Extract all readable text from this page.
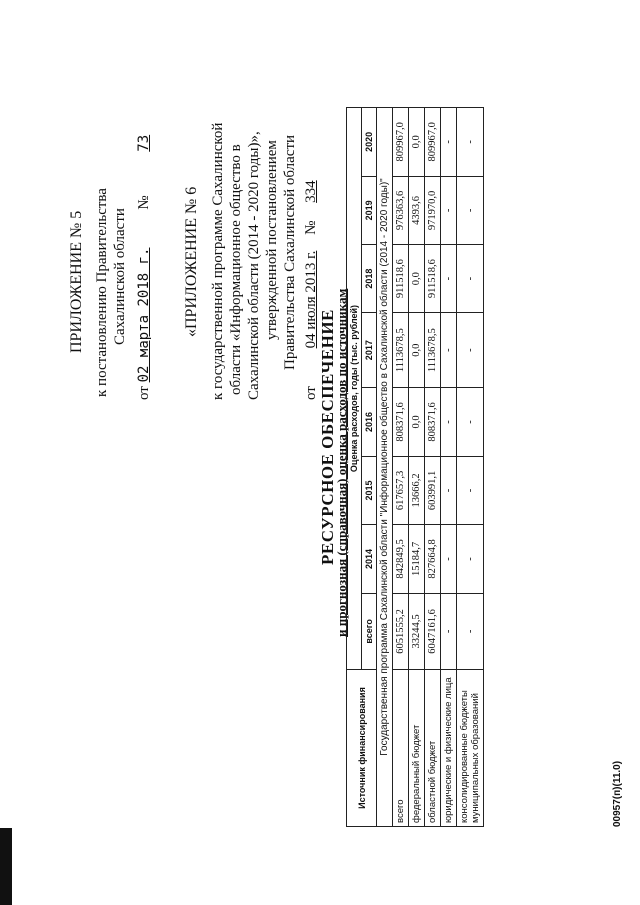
ПРИЛОЖЕНИЕ № 5 к постановлению Правительства Сахалинской области
от 02 марта 2018 г. № 73
«ПРИЛОЖЕНИЕ № 6 к государственной программе Сахалинской области «Информационное общество в Сахалинской области (2014 - 2020 годы)», утвержденной постановлением Правительства Сахалинской области
от 04 июля 2013 г. № 334
РЕСУРСНОЕ ОБЕСПЕЧЕНИЕ
и прогнозная (справочная) оценка расходов по источникам
Источник финансирования	Оценка расходов, годы (тыс. рублей)							
	всего	2014	2015	2016	2017	2018	2019	2020
Государственная программа Сахалинской области "Информационное общество в Сахалинской области (2014 - 2020 годы)"								
всего	6051555,2	842849,5	617657,3	808371,6	1113678,5	911518,6	976363,6	809967,0
федеральный бюджет	33244,5	15184,7	13666,2	0,0	0,0	0,0	4393,6	0,0
областной бюджет	6047161,6	827664,8	603991,1	808371,6	1113678,5	911518,6	971970,0	809967,0
юридические и физические лица	-	-	-	-	-	-	-	-
консолидированные бюджеты муниципальных образований	-	-	-	-	-	-	-	-
00957(п)(11.0)
